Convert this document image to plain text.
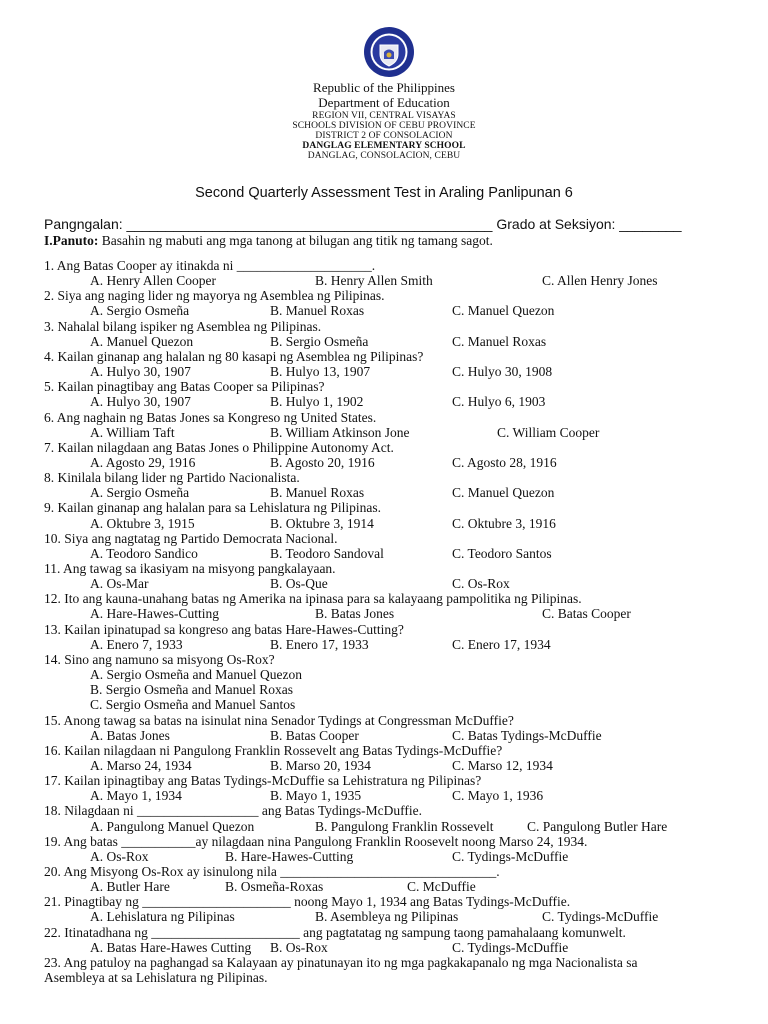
Republic of the Philippines
Department of Education
REGION VII, CENTRAL VISAYAS
SCHOOLS DIVISION OF CEBU PROVINCE
DISTRICT 2 OF CONSOLACION
DANGLAG ELEMENTARY SCHOOL
DANGLAG, CONSOLACION, CEBU
Second Quarterly Assessment Test in Araling Panlipunan 6
Pangngalan: _______________________________________________ Grado at Seksiyon: ________
I.Panuto: Basahin ng mabuti ang mga tanong at bilugan ang titik ng tamang sagot.
1. Ang Batas Cooper ay itinakda ni ____________________.
A. Henry Allen Cooper	B. Henry Allen Smith	C. Allen Henry Jones
2. Siya ang naging lider ng mayorya ng Asemblea ng Pilipinas.
A. Sergio Osmeña	B. Manuel Roxas	C. Manuel Quezon
3. Nahalal bilang ispiker ng Asemblea ng Pilipinas.
A. Manuel Quezon	B. Sergio Osmeña	C. Manuel Roxas
4. Kailan ginanap ang halalan ng 80 kasapi ng Asemblea ng Pilipinas?
A. Hulyo 30, 1907	B. Hulyo 13, 1907	C. Hulyo 30, 1908
5. Kailan pinagtibay ang Batas Cooper sa Pilipinas?
A. Hulyo 30, 1907	B. Hulyo 1, 1902	C. Hulyo 6, 1903
6. Ang naghain ng Batas Jones sa Kongreso ng United States.
A. William Taft	B. William Atkinson Jone	C. William Cooper
7. Kailan nilagdaan ang Batas Jones o Philippine Autonomy Act.
A. Agosto 29, 1916	B. Agosto 20, 1916	C. Agosto 28, 1916
8. Kinilala bilang lider ng Partido Nacionalista.
A. Sergio Osmeña	B. Manuel Roxas	C. Manuel Quezon
9. Kailan ginanap ang halalan para sa Lehislatura ng Pilipinas.
A. Oktubre 3, 1915	B. Oktubre 3, 1914	C. Oktubre 3, 1916
10. Siya ang nagtatag ng Partido Democrata Nacional.
A. Teodoro Sandico	B. Teodoro Sandoval	C. Teodoro Santos
11. Ang tawag sa ikasiyam na misyong pangkalayaan.
A. Os-Mar	B. Os-Que	C. Os-Rox
12. Ito ang kauna-unahang batas ng Amerika na ipinasa para sa kalayaang pampolitika ng Pilipinas.
A. Hare-Hawes-Cutting	B. Batas Jones	C. Batas Cooper
13. Kailan ipinatupad sa kongreso ang batas Hare-Hawes-Cutting?
A. Enero 7, 1933	B. Enero 17, 1933	C. Enero 17, 1934
14. Sino ang namuno sa misyong Os-Rox?
A. Sergio Osmeña and Manuel Quezon
B. Sergio Osmeña and Manuel Roxas
C. Sergio Osmeña and Manuel Santos
15. Anong tawag sa batas na isinulat nina Senador Tydings at Congressman McDuffie?
A. Batas Jones	B. Batas Cooper	C. Batas Tydings-McDuffie
16. Kailan nilagdaan ni Pangulong Franklin Rossevelt ang Batas Tydings-McDuffie?
A. Marso 24, 1934	B. Marso 20, 1934	C. Marso 12, 1934
17. Kailan ipinagtibay ang Batas Tydings-McDuffie sa Lehistratura ng Pilipinas?
A. Mayo 1, 1934	B. Mayo 1, 1935	C. Mayo 1, 1936
18. Nilagdaan ni __________________ ang Batas Tydings-McDuffie.
A. Pangulong Manuel Quezon	B. Pangulong Franklin Rossevelt C. Pangulong Butler Hare
19. Ang batas ___________ay nilagdaan nina Pangulong Franklin Roosevelt noong Marso 24, 1934.
A. Os-Rox	B. Hare-Hawes-Cutting	C. Tydings-McDuffie
20. Ang Misyong Os-Rox ay isinulong nila ________________________________.
A. Butler Hare	B. Osmeña-Roxas	C. McDuffie
21. Pinagtibay ng ______________________ noong Mayo 1, 1934 ang Batas Tydings-McDuffie.
A. Lehislatura ng Pilipinas	B. Asembleya ng Pilipinas	C. Tydings-McDuffie
22. Itinatadhana ng ______________________ ang pagtatatag ng sampung taong pamahalaang komunwelt.
A. Batas Hare-Hawes Cutting B. Os-Rox	C. Tydings-McDuffie
23. Ang patuloy na paghangad sa Kalayaan ay pinatunayan ito ng mga pagkakapanalo ng mga Nacionalista sa
Asembleya at sa Lehislatura ng Pilipinas.
